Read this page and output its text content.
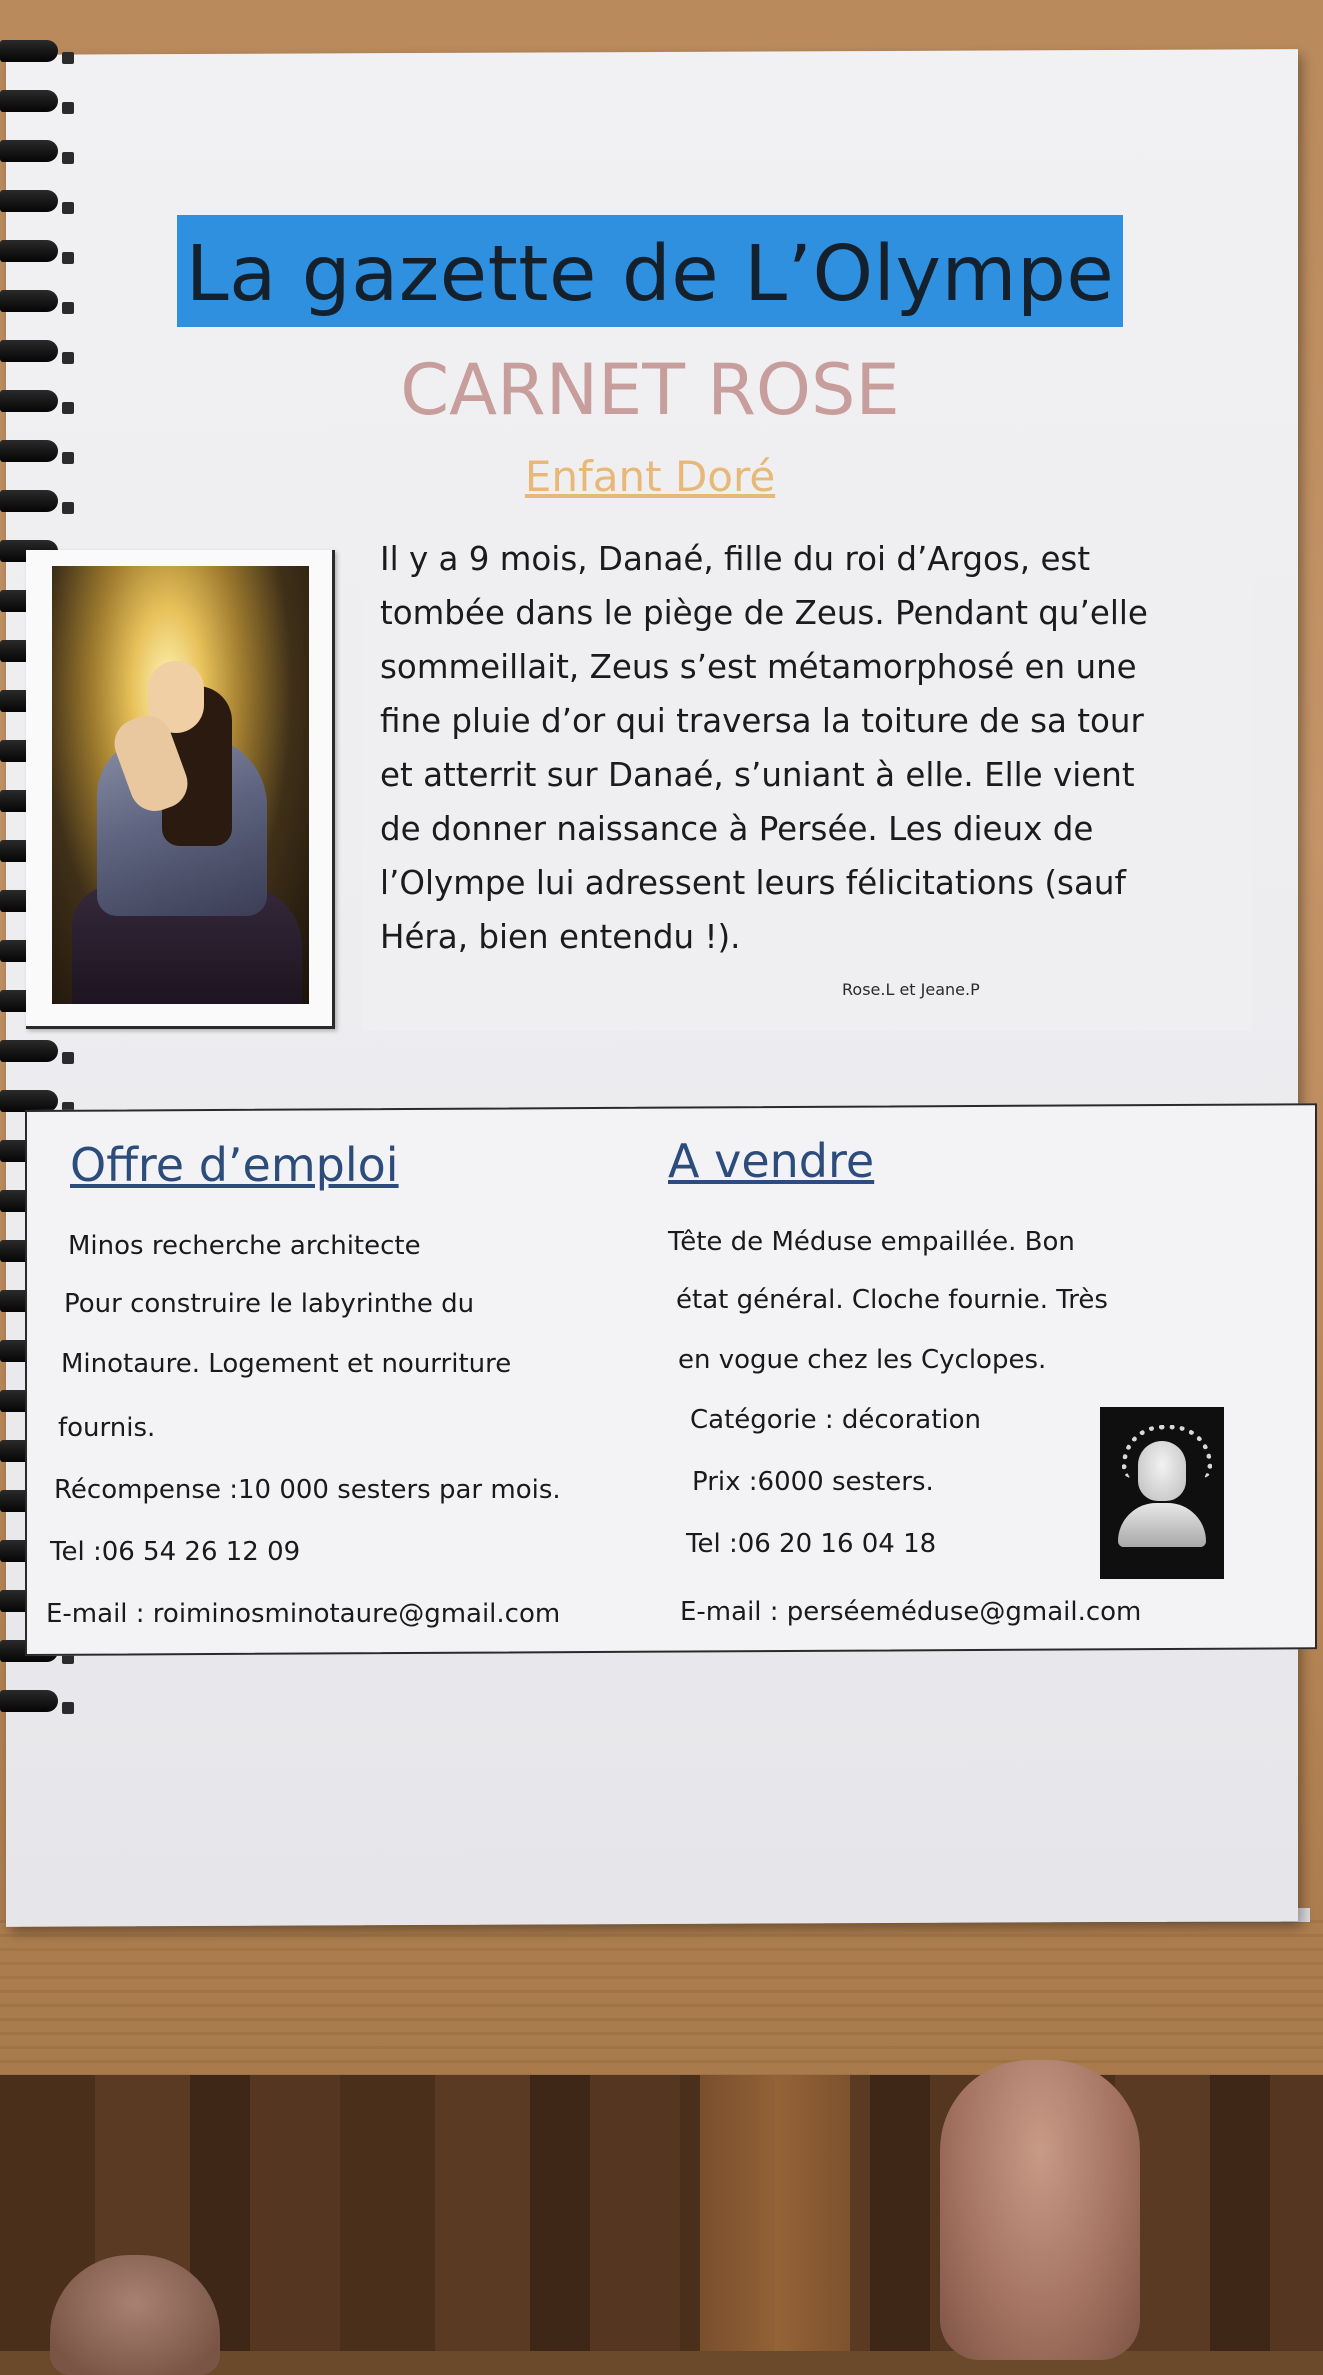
La gazette de L’Olympe
CARNET ROSE
Enfant Doré
Il y a 9 mois, Danaé, fille du roi d’Argos, est
tombée dans le piège de Zeus. Pendant qu’elle
sommeillait, Zeus s’est métamorphosé en une
fine pluie d’or qui traversa la toiture de sa tour
et atterrit sur Danaé, s’uniant à elle. Elle vient
de donner naissance à Persée. Les dieux de
l’Olympe lui adressent leurs félicitations (sauf
Héra, bien entendu !).
Rose.L et Jeane.P
Offre d’emploi
Minos recherche architecte
Pour construire le labyrinthe du
Minotaure. Logement et nourriture
fournis.
Récompense :10 000 sesters par mois.
Tel :06 54 26 12 09
E-mail : roiminosminotaure@gmail.com
A vendre
Tête de Méduse empaillée. Bon
état général. Cloche fournie. Très
en vogue chez les Cyclopes.
Catégorie : décoration
Prix :6000 sesters.
Tel :06 20 16 04 18
E-mail : perséeméduse@gmail.com
